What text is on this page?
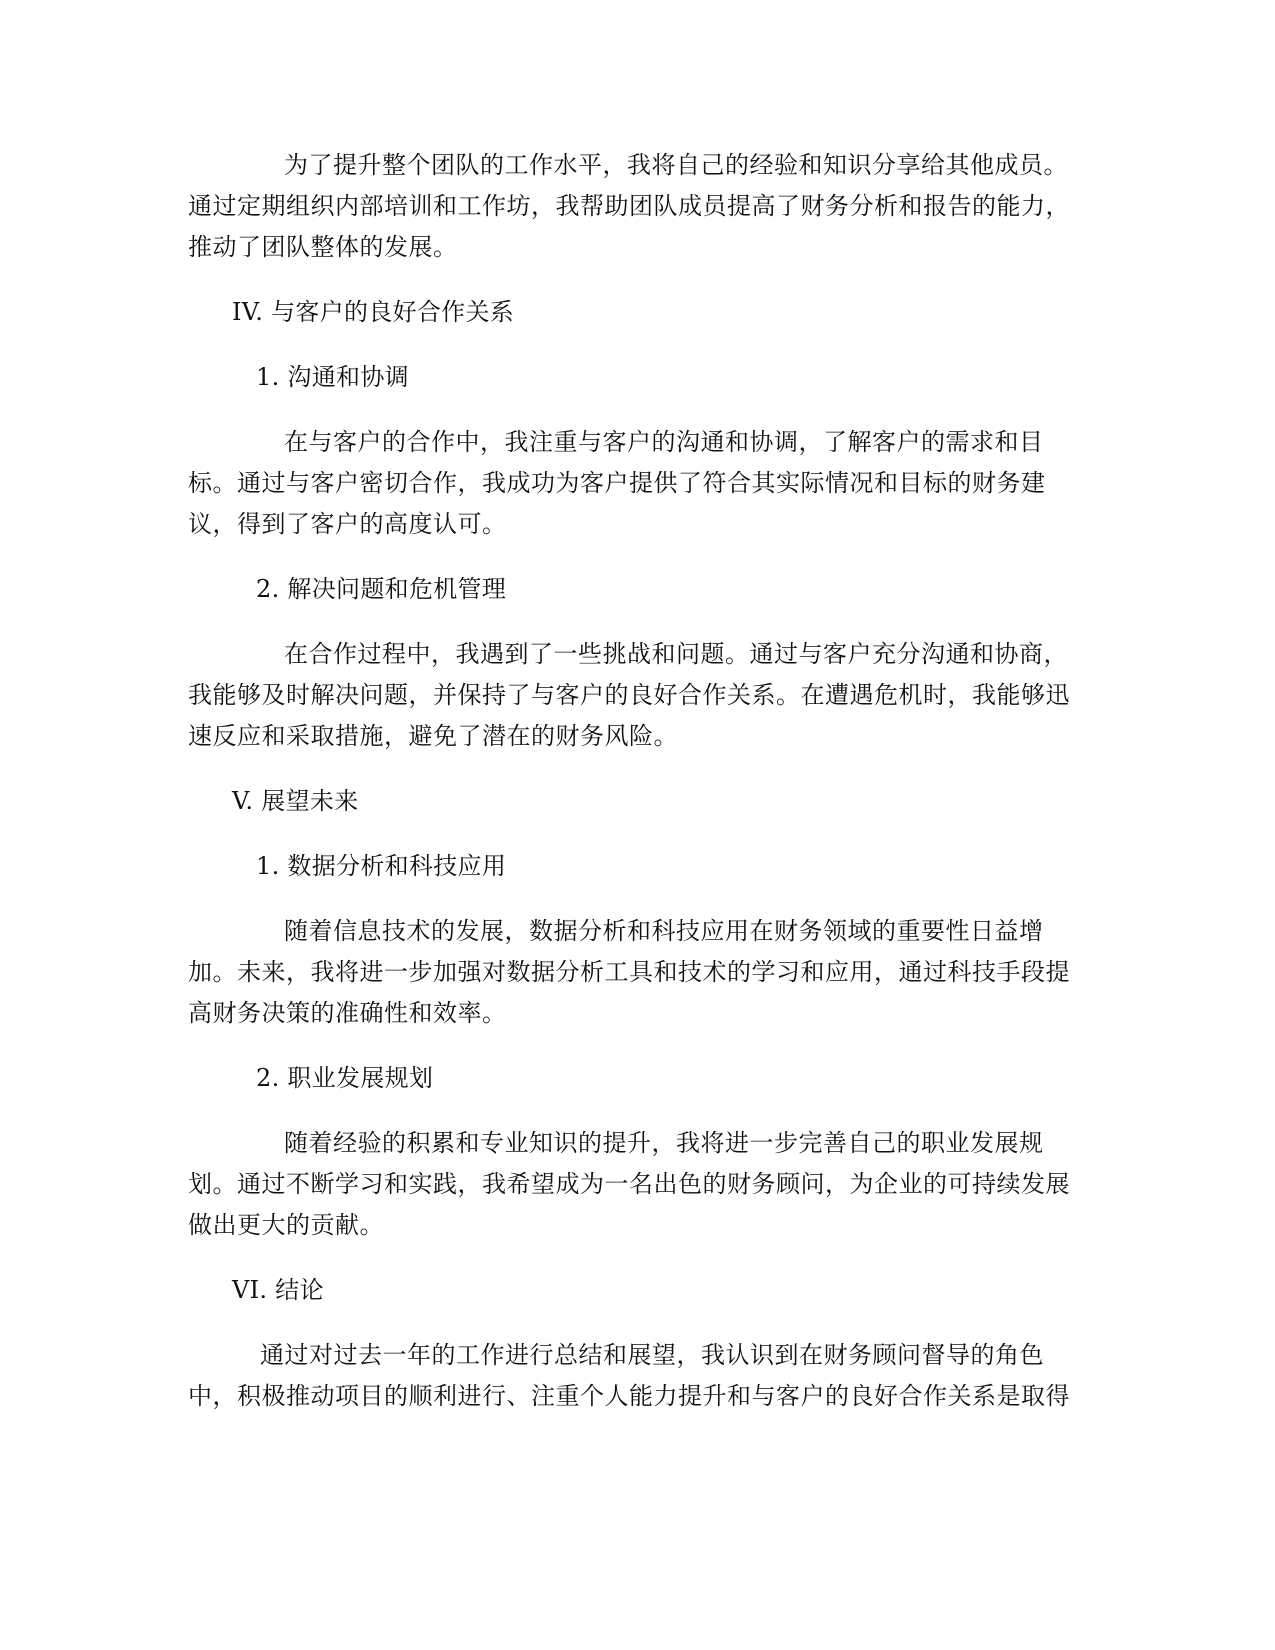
为了提升整个团队的工作水平，我将自己的经验和知识分享给其他成员。通过定期组织内部培训和工作坊，我帮助团队成员提高了财务分析和报告的能力，推动了团队整体的发展。

IV. 与客户的良好合作关系
1. 沟通和协调

在与客户的合作中，我注重与客户的沟通和协调，了解客户的需求和目标。通过与客户密切合作，我成功为客户提供了符合其实际情况和目标的财务建议，得到了客户的高度认可。

2. 解决问题和危机管理

在合作过程中，我遇到了一些挑战和问题。通过与客户充分沟通和协商，我能够及时解决问题，并保持了与客户的良好合作关系。在遭遇危机时，我能够迅速反应和采取措施，避免了潜在的财务风险。

V. 展望未来
1. 数据分析和科技应用

随着信息技术的发展，数据分析和科技应用在财务领域的重要性日益增加。未来，我将进一步加强对数据分析工具和技术的学习和应用，通过科技手段提高财务决策的准确性和效率。

2. 职业发展规划

随着经验的积累和专业知识的提升，我将进一步完善自己的职业发展规划。通过不断学习和实践，我希望成为一名出色的财务顾问，为企业的可持续发展做出更大的贡献。

VI. 结论

通过对过去一年的工作进行总结和展望，我认识到在财务顾问督导的角色中，积极推动项目的顺利进行、注重个人能力提升和与客户的良好合作关系是取得
